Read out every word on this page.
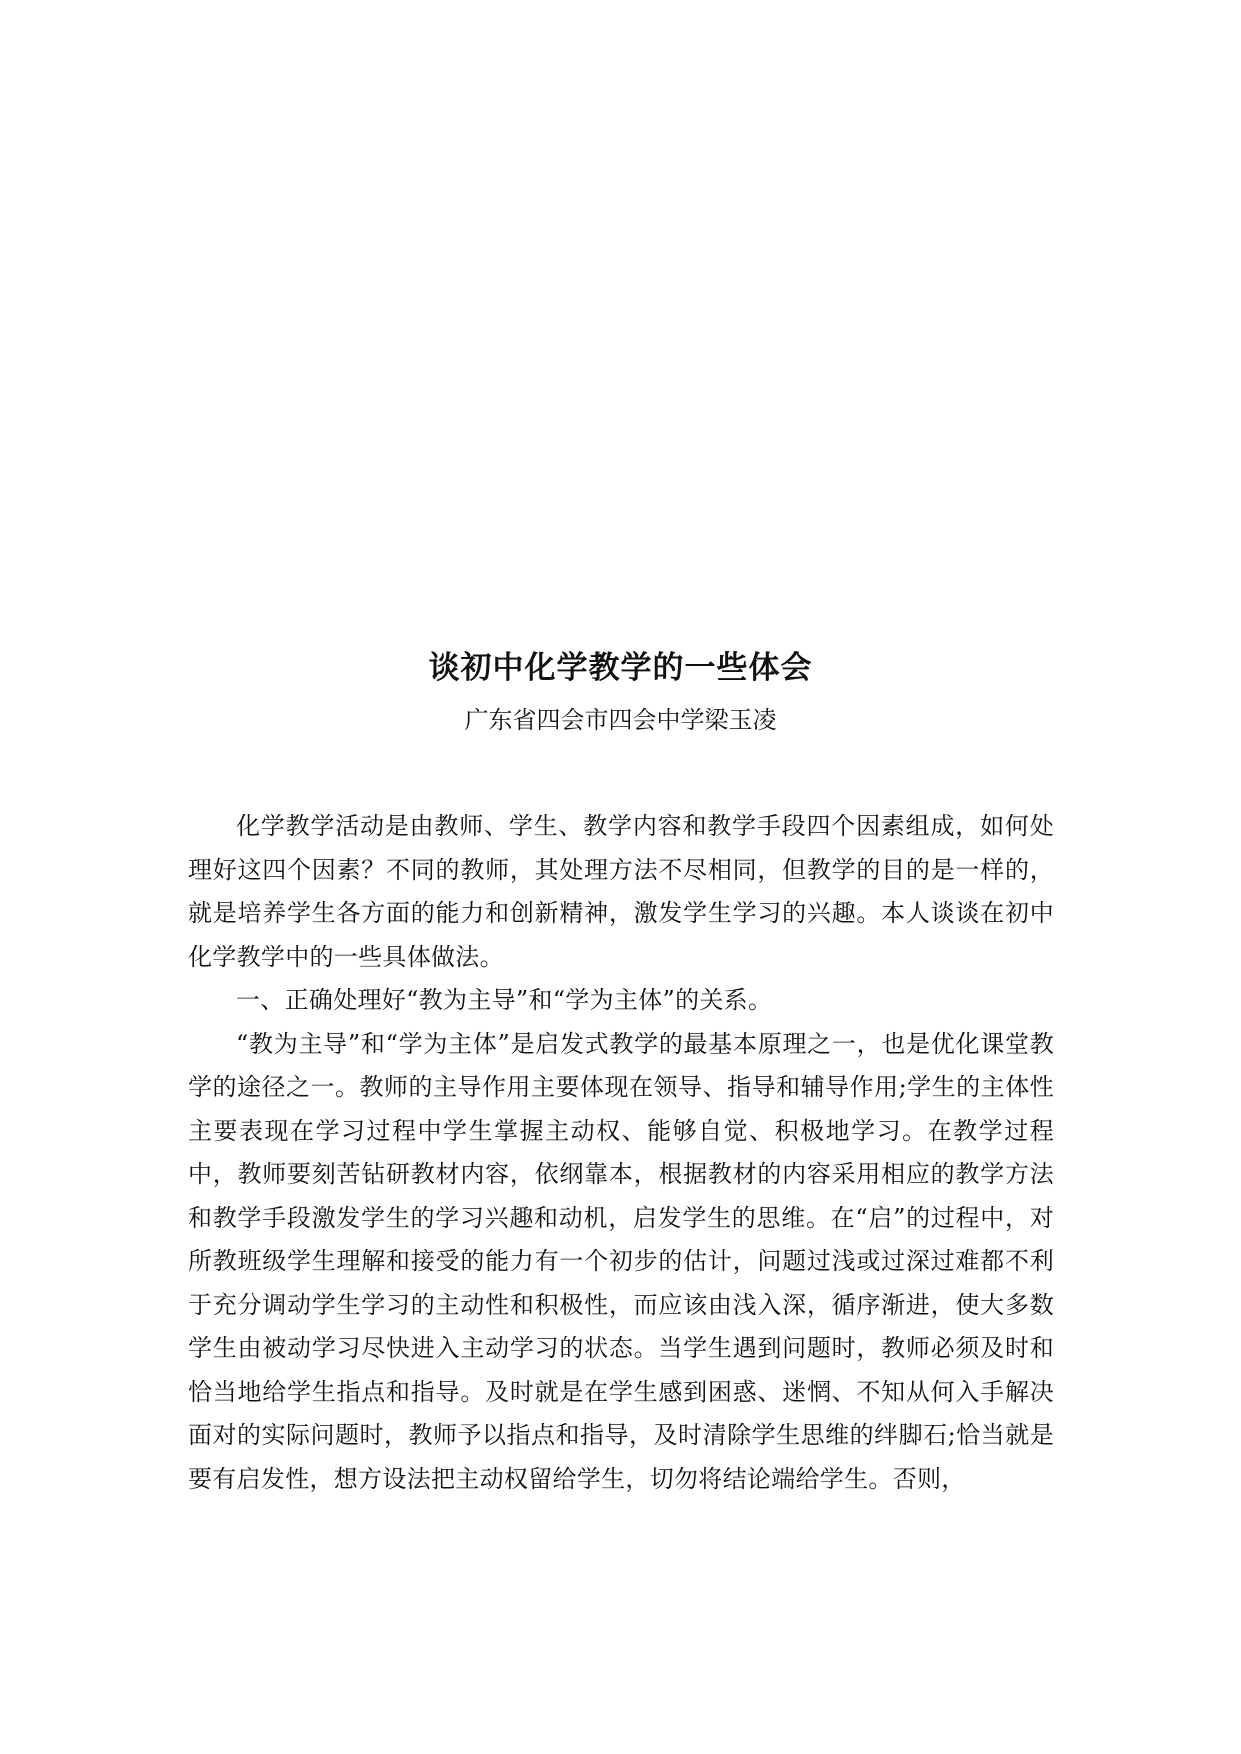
谈初中化学教学的一些体会

广东省四会市四会中学梁玉凌

化学教学活动是由教师、学生、教学内容和教学手段四个因素组成，如何处理好这四个因素？不同的教师，其处理方法不尽相同，但教学的目的是一样的，就是培养学生各方面的能力和创新精神，激发学生学习的兴趣。本人谈谈在初中化学教学中的一些具体做法。

一、正确处理好“教为主导”和“学为主体”的关系。

“教为主导”和“学为主体”是启发式教学的最基本原理之一，也是优化课堂教学的途径之一。教师的主导作用主要体现在领导、指导和辅导作用;学生的主体性主要表现在学习过程中学生掌握主动权、能够自觉、积极地学习。在教学过程中，教师要刻苦钻研教材内容，依纲靠本，根据教材的内容采用相应的教学方法和教学手段激发学生的学习兴趣和动机，启发学生的思维。在“启”的过程中，对所教班级学生理解和接受的能力有一个初步的估计，问题过浅或过深过难都不利于充分调动学生学习的主动性和积极性，而应该由浅入深，循序渐进，使大多数学生由被动学习尽快进入主动学习的状态。当学生遇到问题时，教师必须及时和恰当地给学生指点和指导。及时就是在学生感到困惑、迷惘、不知从何入手解决面对的实际问题时，教师予以指点和指导，及时清除学生思维的绊脚石;恰当就是要有启发性，想方设法把主动权留给学生，切勿将结论端给学生。否则，
